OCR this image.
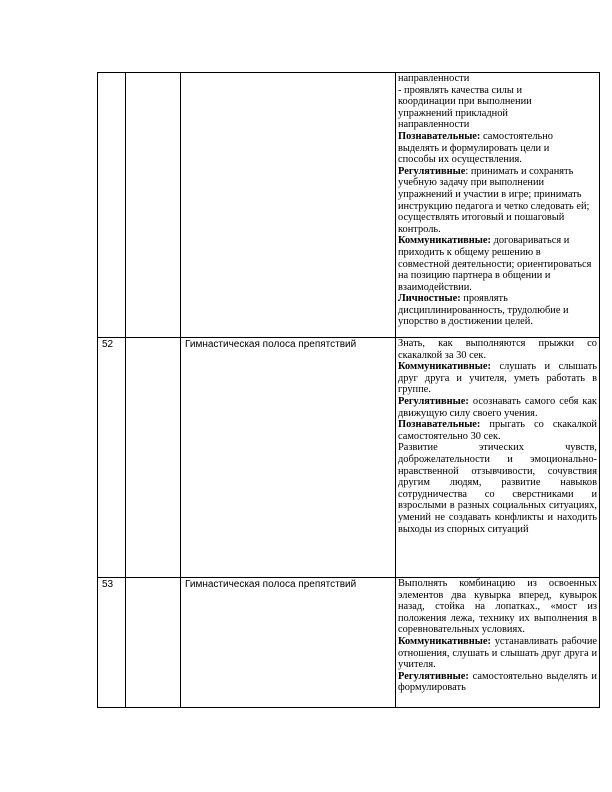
направленности

- проявлять качества силы и

координации при выполнении

упражнений прикладной

направленности

Познавательные: самостоятельно выделять и формулировать цели и способы их осуществления.

Регулятивные: принимать и сохранять учебную задачу при выполнении упражнений и участии в игре; принимать инструкцию педагога и четко следовать ей; осуществлять итоговый и пошаговый контроль.

Коммуникативные: договариваться и приходить к общему решению в совместной деятельности; ориентироваться на позицию партнера в общении и взаимодействии.

Личностные: проявлять дисциплинированность, трудолюбие и упорство в достижении целей.

52	Гимнастическая полоса препятствий	Знать, как выполняются прыжки со скакалкой за 30 сек.

Коммуникативные: слушать и слышать друг друга и учителя, уметь работать в группе.

Регулятивные: осознавать самого себя как движущую силу своего учения.

Познавательные: прыгать со скакалкой самостоятельно 30 сек.

Развитие этических чувств, доброжелательности и эмоционально-нравственной отзывчивости, сочувствия другим людям, развитие навыков сотрудничества со сверстниками и взрослыми в разных социальных ситуациях, умений не создавать конфликты и находить выходы из спорных ситуаций

53	Гимнастическая полоса препятствий	Выполнять комбинацию из освоенных элементов два кувырка вперед, кувырок назад, стойка на лопатках., «мост из положения лежа, технику их выполнения в соревновательных условиях.

Коммуникативные: устанавливать рабочие отношения, слушать и слышать друг друга и учителя.

Регулятивные: самостоятельно выделять и формулировать
